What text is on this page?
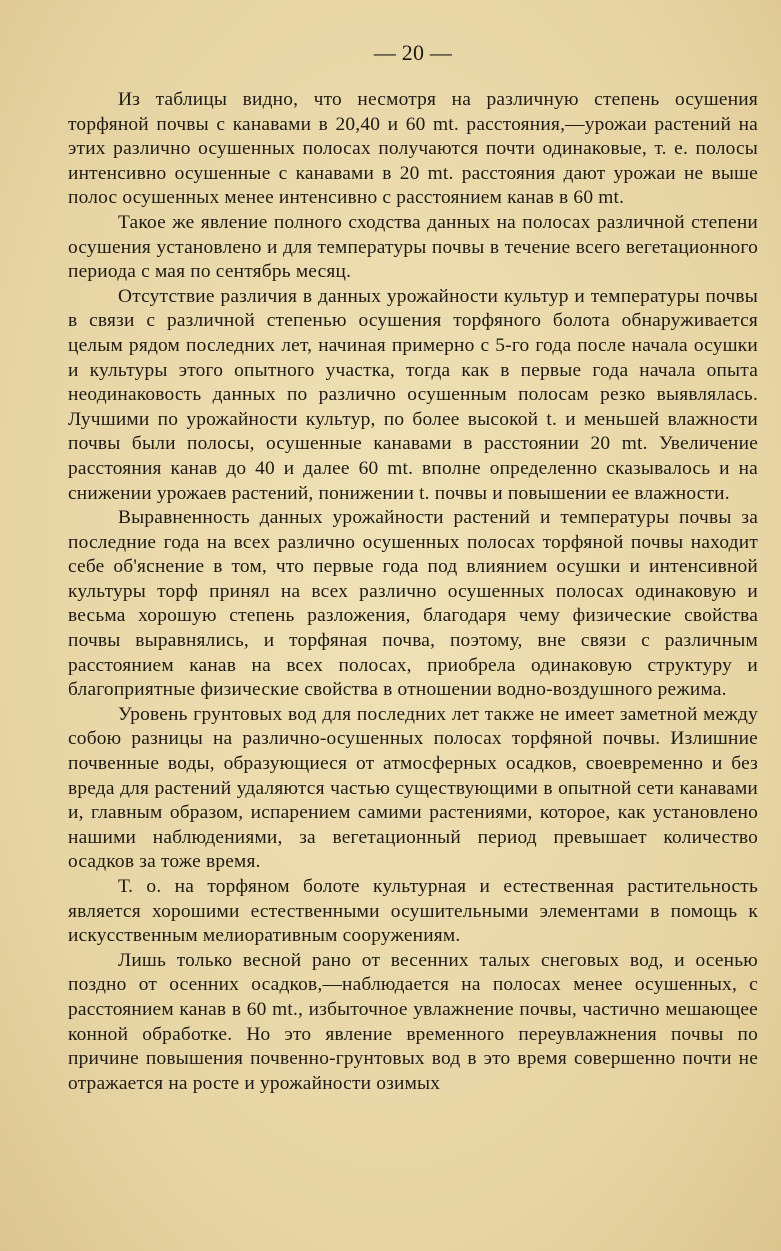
— 20 —

Из таблицы видно, что несмотря на различную степень осушения торфяной почвы с канавами в 20,40 и 60 mt. расстояния,—урожаи растений на этих различно осушенных полосах получаются почти одинаковые, т. е. полосы интенсивно осушенные с канавами в 20 mt. расстояния дают урожаи не выше полос осушенных менее интенсивно с расстоянием канав в 60 mt.

Такое же явление полного сходства данных на полосах различной степени осушения установлено и для температуры почвы в течение всего вегетационного периода с мая по сентябрь месяц.

Отсутствие различия в данных урожайности культур и температуры почвы в связи с различной степенью осушения торфяного болота обнаруживается целым рядом последних лет, начиная примерно с 5-го года после начала осушки и культуры этого опытного участка, тогда как в первые года начала опыта неодинаковость данных по различно осушенным полосам резко выявлялась. Лучшими по урожайности культур, по более высокой t. и меньшей влажности почвы были полосы, осушенные канавами в расстоянии 20 mt. Увеличение расстояния канав до 40 и далее 60 mt. вполне определенно сказывалось и на снижении урожаев растений, понижении t. почвы и повышении ее влажности.

Выравненность данных урожайности растений и температуры почвы за последние года на всех различно осушенных полосах торфяной почвы находит себе об'яснение в том, что первые года под влиянием осушки и интенсивной культуры торф принял на всех различно осушенных полосах одинаковую и весьма хорошую степень разложения, благодаря чему физические свойства почвы выравнялись, и торфяная почва, поэтому, вне связи с различным расстоянием канав на всех полосах, приобрела одинаковую структуру и благоприятные физические свойства в отношении водно-воздушного режима.

Уровень грунтовых вод для последних лет также не имеет заметной между собою разницы на различно-осушенных полосах торфяной почвы. Излишние почвенные воды, образующиеся от атмосферных осадков, своевременно и без вреда для растений удаляются частью существующими в опытной сети канавами и, главным образом, испарением самими растениями, которое, как установлено нашими наблюдениями, за вегетационный период превышает количество осадков за тоже время.

Т. о. на торфяном болоте культурная и естественная растительность является хорошими естественными осушительными элементами в помощь к искусственным мелиоративным сооружениям.

Лишь только весной рано от весенних талых снеговых вод, и осенью поздно от осенних осадков,—наблюдается на полосах менее осушенных, с расстоянием канав в 60 mt., избыточное увлажнение почвы, частично мешающее конной обработке. Но это явление временного переувлажнения почвы по причине повышения почвенно-грунтовых вод в это время совершенно почти не отражается на росте и урожайности озимых
